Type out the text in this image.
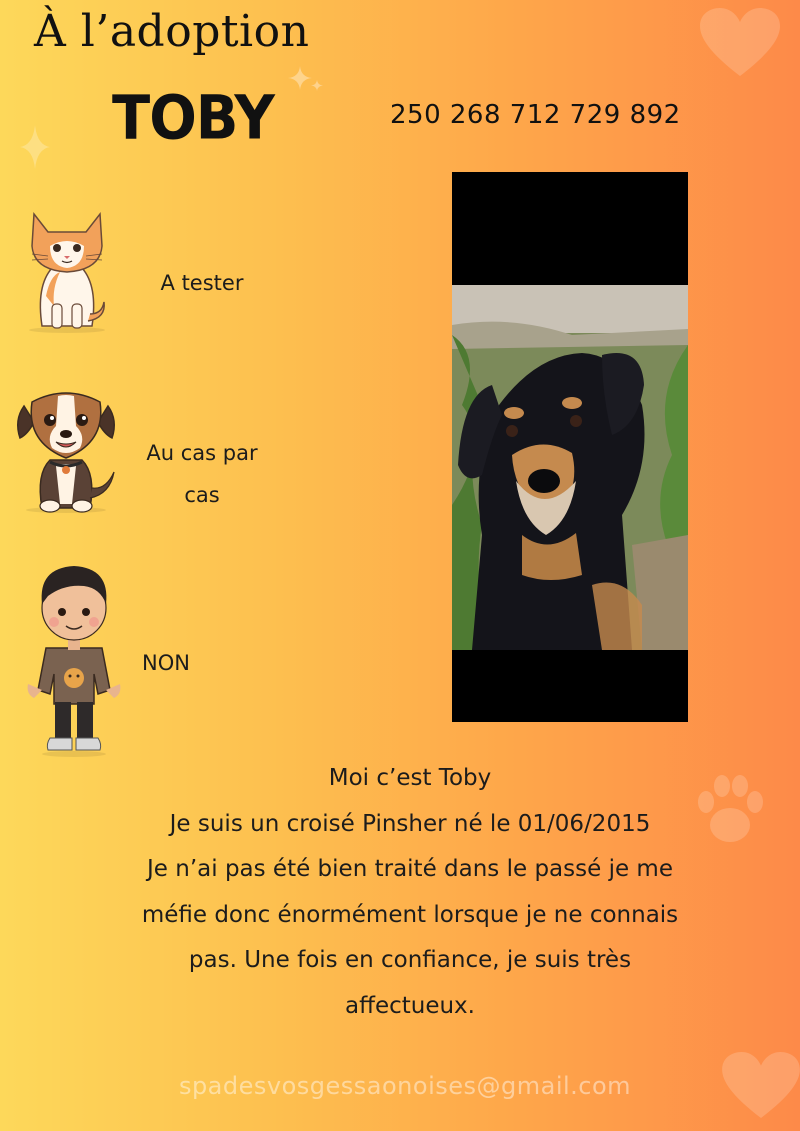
À l’adoption
TOBY	250 268 712 729 892
A tester
Au cas par
cas
NON
Moi c’est Toby
Je suis un croisé Pinsher né le 01/06/2015
Je n’ai pas été bien traité dans le passé je me
méfie donc énormément lorsque je ne connais
pas. Une fois en confiance, je suis très
affectueux.
spadesvosgessaonoises@gmail.com
